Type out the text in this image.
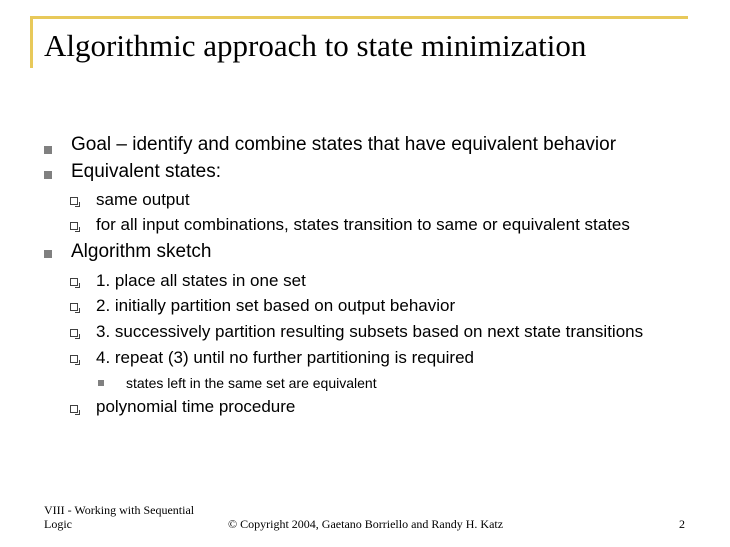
Algorithmic approach to state minimization
Goal – identify and combine states that have equivalent behavior
Equivalent states:
same output
for all input combinations, states transition to same or equivalent states
Algorithm sketch
1. place all states in one set
2. initially partition set based on output behavior
3. successively partition resulting subsets based on next state transitions
4. repeat (3) until no further partitioning is required
states left in the same set are equivalent
polynomial time procedure
VIII - Working with Sequential
Logic	© Copyright 2004, Gaetano Borriello and Randy H. Katz	2
